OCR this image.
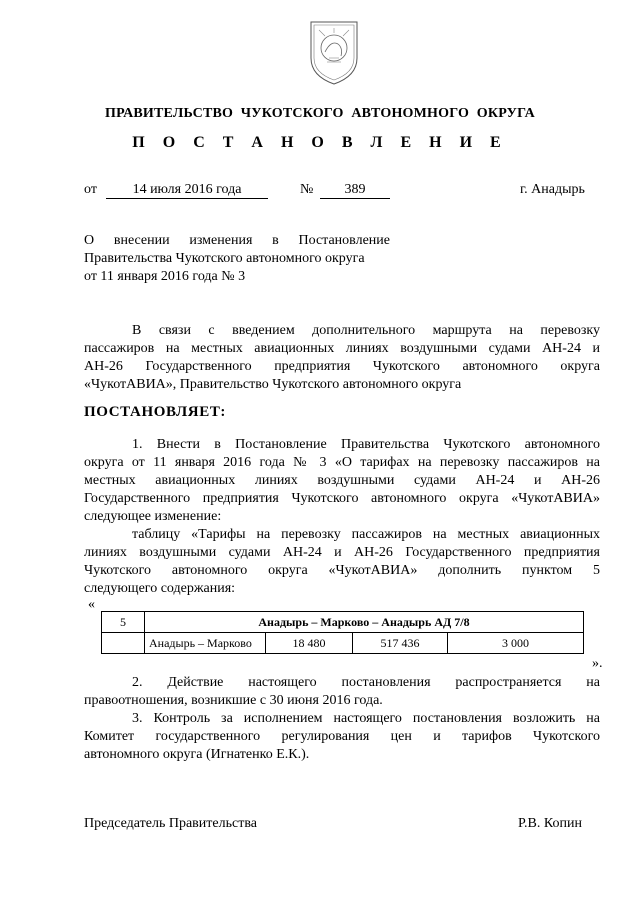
ПРАВИТЕЛЬСТВО ЧУКОТСКОГО АВТОНОМНОГО ОКРУГА
П О С Т А Н О В Л Е Н И Е
от	14 июля 2016 года	№	389	г. Анадырь
О внесении изменения в Постановление
Правительства Чукотского автономного округа
от 11 января 2016 года № 3
В связи с введением дополнительного маршрута на перевозку
пассажиров на местных авиационных линиях воздушными судами АН-24 и
АН-26 Государственного предприятия Чукотского автономного округа
«ЧукотАВИА», Правительство Чукотского автономного округа
ПОСТАНОВЛЯЕТ:
1. Внести в Постановление Правительства Чукотского автономного
округа от 11 января 2016 года № 3 «О тарифах на перевозку пассажиров на
местных авиационных линиях воздушными судами АН-24 и АН-26
Государственного предприятия Чукотского автономного округа «ЧукотАВИА»
следующее изменение:
таблицу «Тарифы на перевозку пассажиров на местных авиационных
линиях воздушными судами АН-24 и АН-26 Государственного предприятия
Чукотского автономного округа «ЧукотАВИА» дополнить пунктом 5
следующего содержания:
«
5	Анадырь – Марково – Анадырь АД 7/8			
	Анадырь – Марково	18 480	517 436	3 000
».
2. Действие настоящего постановления распространяется на
правоотношения, возникшие с 30 июня 2016 года.
3. Контроль за исполнением настоящего постановления возложить на
Комитет государственного регулирования цен и тарифов Чукотского
автономного округа (Игнатенко Е.К.).
Председатель Правительства	Р.В. Копин
